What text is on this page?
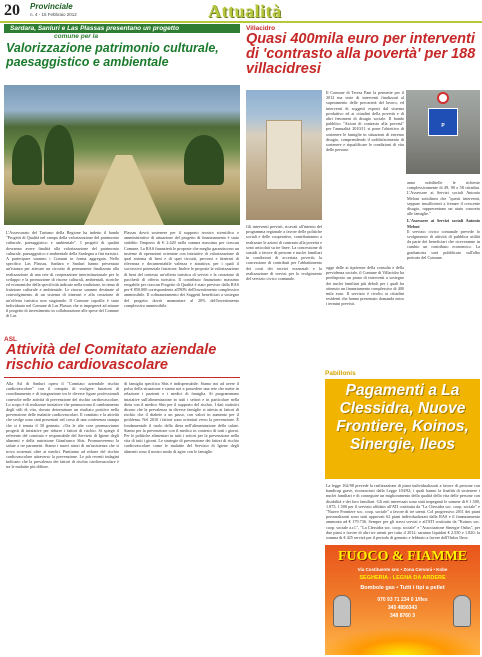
20 Provinciale
n. 4 - 15 Febbraio 2012	Attualità
Sardara, Sanluri e Las Plassas presentano un progetto
comune per la
Valorizzazione patrimonio culturale, paesaggistico e ambientale
L'Assessorato del Turismo della Regione ha indetto il bando "Progetti di Qualità nel campo della valorizzazione del patrimonio culturale, paesaggistico e ambientale". I progetti di qualità dovranno avere finalità alla valorizzazione del patrimonio culturale, paesaggistico e ambientale della Sardegna a fini turistici. A partecipare saranno i Comuni in forma aggregata. Nello specifico Las Plassas, Sardara e Sanluri hanno presentato un'istanza per attivare un circuito di permanente finalizzato alla realizzazione di una rete di cooperazione interistituzionale per lo sviluppo e la promozione di risorse culturali, ambientali, storiche ed economiche della specificità indicate nella tradizione, in tema di fruizione culturale e ambientale. Le risorse saranno destinate al coinvolgimento di un sistema di itinerari e alla creazione di un'offerta turistica non stagionale. Il Comune capofila è stato individuato nel Comune di Las Plassas che si impegnerà ad attuare il progetto di investimento in collaborazione alle spese del Comune di Las
Plassas dovrà sostenere per il supporto tecnico scientifico e amministrativo di attuazione del progetto di finanziamento è stato stabilito l'importo di € 2.420 nella somma massima per ciascun Comune. La RAS finanzierà le proposte che meglio garantiscono un insieme di operazioni orientate con iniziative di valorizzazione di qual sistema di beni e di quei circuiti, percorsi e itinerari di rilevanza e documentabile valenza e attrattiva, per i quali il successivo potenziale fruizione. Inoltre le proposte la valorizzazione di beni del contesto un'offerta turistica di servizi e la creazione di pacchetti di offerta turistica. Il contributo finanziario massimo erogabile per ciascun Progetto di Qualità è stato previsto dalla RAS per € 850.000 corrispondente all'80% dell'investimento complessivo ammissibile. Il cofinanziamento dei Soggetti beneficiari a sostegno del progetto dovrà ammontare al 20% dell'investimento complessivo ammissibile.
ASL
Attività del Comitato aziendale rischio cardiovascolare
Alla Asl di Sanluri opera il "Comitato aziendale rischio cardiovascolare" con il compito di svolgere funzioni di coordinamento e di integrazione tra le diverse figure professionali coinvolte nelle attività di prevenzione del rischio cardiovascolare. Lo scopo è di realizzare iniziative che promuovono il cambiamento degli stili di vita, dovuto determinare un risultato positivo nella prevenzione delle malattie cardiovascolari. Il comitato e la attività che svolge sono stati presentati nel corso di una conferenza stampa che si è tenuta il 30 gennaio. «Tra le alte cose promuoviamo progetti di iniziative per ridurre i fattori di rischio. Si spiegò il referente del comitato e responsabile del Servizio di Igiene degli alimenti e della nutrizione Gianfranco Sbis. Promuoveremo la salute a tre parametri. Siamo i nuovi attori di un'assistenza che si trova sostenuti oltre ai medici. Puntiamo ad ridurre del rischio cardiovascolare attraverso la prevenzione. Le più recenti indagini indicano che la prevalenza dei fattori di rischio cardiovascolare è tra le malattie più diffuse.
di famiglia specifica Sbis è indispensabile. Siamo noi ad avere il polso della situazione e siamo noi a possedere una rete che mette in relazione i pazienti e i medici di famiglia. Si programmano iniziative sull'alimentazione in tutti i settori e in particolare nella dieta con il medico Sbis per il supporto del rischio. I dati statistici dicono che la prevalenza in diverse famiglie si attesta ai fattori di rischio che il diabete a un passo, con valori in aumento per il problema. Nel 2010 i fattori sono orientati verso la prevenzione. È fondamentale il ruolo della dieta nell'alimentazione della salute. Siamo per la prevenzione con il medico in contesto di tutti i giorni. Per le politiche alimentari in tutti i settori per la prevenzione nella vita di tutti i giorni. Le strategie di prevenzione dei fattori di rischio cardiovascolare come le malattie del Servizio di Igiene degli alimenti sono il nostro modo di agire con le famiglie.
Villacidro
Quasi 400mila euro per interventi di 'contrasto alla povertà' per 188 villacidresi
Il Comune di Teresa Pani la permette per il 2012 ma serie di interventi finalizzati al superamento delle precarietà del lavoro, ed interventi di soggetti esposti dal sistema produttivo ed ai cittadini della povertà e di altri fenomeni di disagio sociale. Il bando pubblico "Azioni di contrasto alla povertà" per l'annualità 2010/11 si pone l'obiettivo di sostenere le famiglie in situazioni di estremo disagio, comprendendo il soddisfacimento di sostenere e riqualificare le condizioni di vita delle persone.
Gli interventi previsti, ricavati all'interno del programma regionale a favore delle politiche sociali e delle cooperative, contribuiranno a realizzare le azioni di contrasto alla povertà e sono articolati su tre linee. La concessione di sussidi a favore di persone e nuclei familiari in condizioni di accertata povertà; la concessione di contributi per l'abbattimento dei costi dei servizi essenziali e la realizzazione di servizi per lo svolgimento del servizio civico comunale.
P
anno nobilitelle le richieste complessivamente di 49, 90 e 58 cittadini. L'Assessore ai Servizi sociali Antonio Meloni sottolinea che "questi interventi, seppure insufficienti a frenare il crescente disagio, rappresentano un aiuto concreto alle famiglie."
L'Assessore ai Servizi sociali Antonio Meloni
Il servizio civico comunale prevede lo svolgimento di attività di pubblica utilità da parte dei beneficiari che riceveranno in cambio un contributo economico. La graduatoria sarà pubblicata sull'albo pretorio del Comune.
ogge delle ai tiprirente della consulta e della previdenza sociale, il Comune di Villacidro ha predisposto un piano di interventi a sostegno dei nuclei familiari più deboli per i quali ha ottenuto un finanziamento complessivo di 400 mila euro. Il servizio è rivolto ai cittadini residenti che hanno presentato domanda entro i termini previsti.
Pabillonis
Pagamenti a La Clessidra, Nuove Frontiere, Koinos, Sinergie, Ileos
La legge 162/98 prevede la realizzazione di piani individualizzati a favore di persone con handicap grave, riconosciuti dalla Legge 104/92; i quali hanno la finalità di sostenere i nuclei familiari e di conseguire un miglioramento della qualità della vita delle persone con disabilità e dei loro familiari. Gli enti interessati sono stati impegnati le somme di € 1.500, 1.875, 1.500 per il servizio affidato all'ATI costituita da "La Clessidra soc. coop. sociale" e "Nuove Frontiere soc. coop. sociale" a favore di tre utenti. Col progressivo 2011 dei piani personalizzati sono stati approvati 62 piani individualizzati dalla RAS e il finanziamento ammonta ad € 179.736. Sempre per gli stessi servizi e all'ATI costituita da "Koinos soc. coop. sociale a.r.l.", "La Clessidra soc. coop. sociale" e "Associazione Sinergie Onlus", per due piani a favore di altri tre utenti per tutto il 2012, saranno liquidati € 2.550 e 1.820; la somma di € 425 servirà per il periodo di gennaio e febbraio a favore dell'Onlus Ileos.
FUOCO & FIAMME
Via Costituente snc • Zona Cervoni • Kobe
SEGHERIA - LEGNA DA ARDERE
Bombole gas • Tutti i tipi a pellet
070 93 71 234 0 1/flex
345 4856343
348 8760 3
